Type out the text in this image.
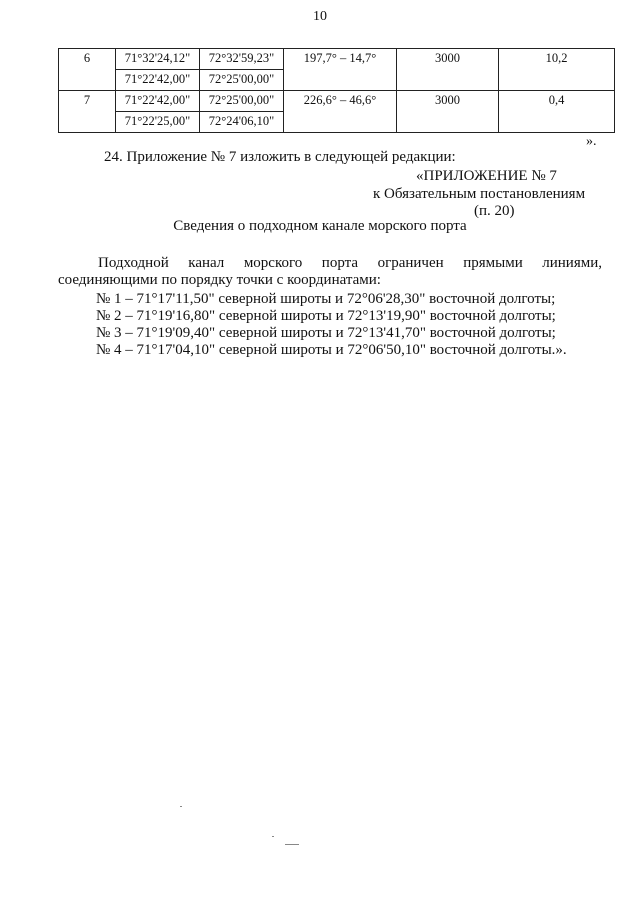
10
6	71°32'24,12"	72°32'59,23"	197,7° – 14,7°	3000	10,2
	71°22'42,00"	72°25'00,00"			
7	71°22'42,00"	72°25'00,00"	226,6° – 46,6°	3000	0,4
	71°22'25,00"	72°24'06,10"			
».
24. Приложение № 7 изложить в следующей редакции:
«ПРИЛОЖЕНИЕ № 7
к Обязательным постановлениям
(п. 20)
Сведения о подходном канале морского порта
Подходной канал морского порта ограничен прямыми линиями,
соединяющими по порядку точки с координатами:
№ 1 – 71°17'11,50" северной широты и 72°06'28,30" восточной долготы;
№ 2 – 71°19'16,80" северной широты и 72°13'19,90" восточной долготы;
№ 3 – 71°19'09,40" северной широты и 72°13'41,70" восточной долготы;
№ 4 – 71°17'04,10" северной широты и 72°06'50,10" восточной долготы.».
